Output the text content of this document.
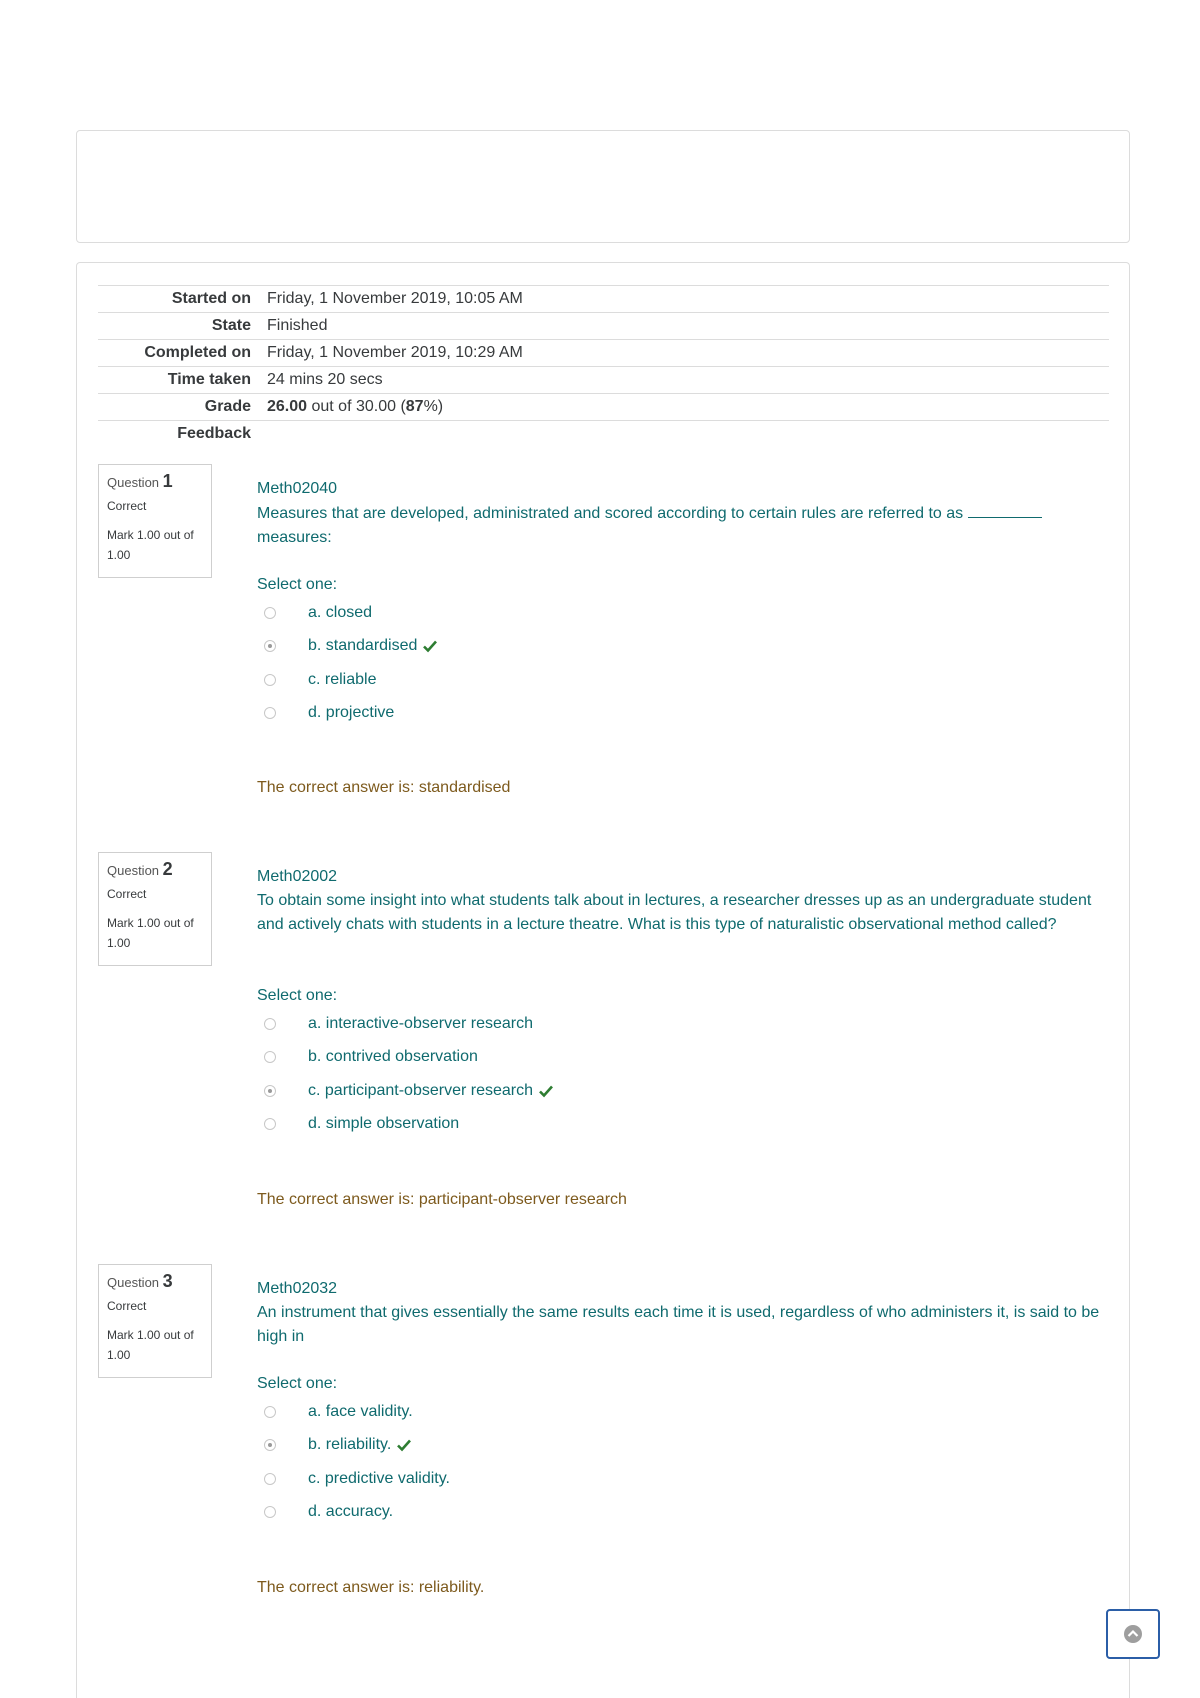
Started on	Friday, 1 November 2019, 10:05 AM
State	Finished
Completed on	Friday, 1 November 2019, 10:29 AM
Time taken	24 mins 20 secs
Grade	26.00 out of 30.00 (87%)
Feedback	
Question 1
Correct
Mark 1.00 out of 1.00
Meth02040
Measures that are developed, administrated and scored according to certain rules are referred to as
measures:
Select one:
a. closed
b. standardised
c. reliable
d. projective
The correct answer is: standardised
Question 2
Correct
Mark 1.00 out of 1.00
Meth02002
To obtain some insight into what students talk about in lectures, a researcher dresses up as an undergraduate student and actively chats with students in a lecture theatre. What is this type of naturalistic observational method called?
Select one:
a. interactive-observer research
b. contrived observation
c. participant-observer research
d. simple observation
The correct answer is: participant-observer research
Question 3
Correct
Mark 1.00 out of 1.00
Meth02032
An instrument that gives essentially the same results each time it is used, regardless of who administers it, is said to be high in
Select one:
a. face validity.
b. reliability.
c. predictive validity.
d. accuracy.
The correct answer is: reliability.
